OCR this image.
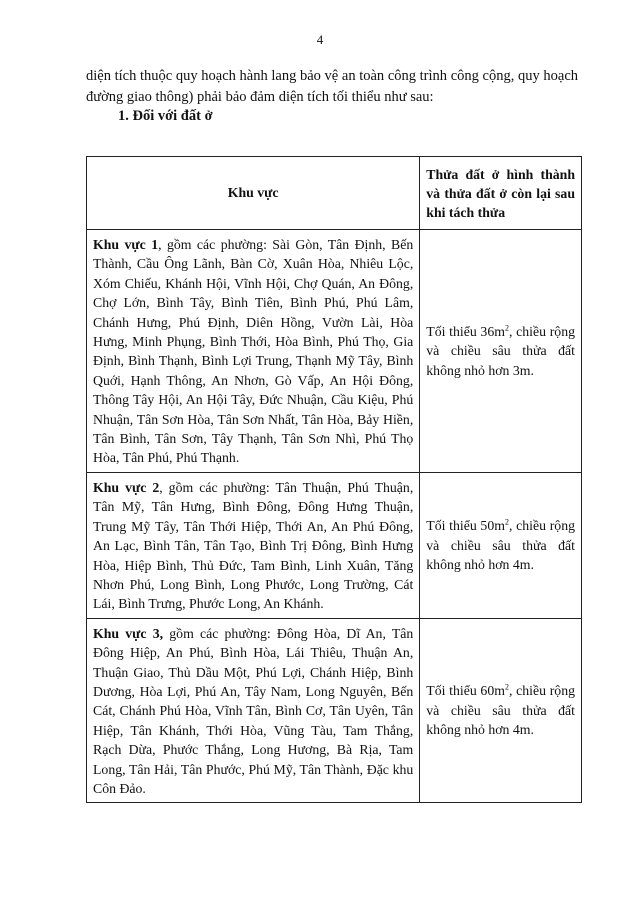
4

diện tích thuộc quy hoạch hành lang bảo vệ an toàn công trình công cộng, quy hoạch đường giao thông) phải bảo đảm diện tích tối thiểu như sau:

1. Đối với đất ở

Khu vực	Thửa đất ở hình thành và thửa đất ở còn lại sau khi tách thửa
Khu vực 1, gồm các phường: Sài Gòn, Tân Định, Bến Thành, Cầu Ông Lãnh, Bàn Cờ, Xuân Hòa, Nhiêu Lộc, Xóm Chiếu, Khánh Hội, Vĩnh Hội, Chợ Quán, An Đông, Chợ Lớn, Bình Tây, Bình Tiên, Bình Phú, Phú Lâm, Chánh Hưng, Phú Định, Diên Hồng, Vườn Lài, Hòa Hưng, Minh Phụng, Bình Thới, Hòa Bình, Phú Thọ, Gia Định, Bình Thạnh, Bình Lợi Trung, Thạnh Mỹ Tây, Bình Quới, Hạnh Thông, An Nhơn, Gò Vấp, An Hội Đông, Thông Tây Hội, An Hội Tây, Đức Nhuận, Cầu Kiệu, Phú Nhuận, Tân Sơn Hòa, Tân Sơn Nhất, Tân Hòa, Bảy Hiền, Tân Bình, Tân Sơn, Tây Thạnh, Tân Sơn Nhì, Phú Thọ Hòa, Tân Phú, Phú Thạnh.	Tối thiểu $36m^2$, chiều rộng và chiều sâu thửa đất không nhỏ hơn 3m.
Khu vực 2, gồm các phường: Tân Thuận, Phú Thuận, Tân Mỹ, Tân Hưng, Bình Đông, Đông Hưng Thuận, Trung Mỹ Tây, Tân Thới Hiệp, Thới An, An Phú Đông, An Lạc, Bình Tân, Tân Tạo, Bình Trị Đông, Bình Hưng Hòa, Hiệp Bình, Thủ Đức, Tam Bình, Linh Xuân, Tăng Nhơn Phú, Long Bình, Long Phước, Long Trường, Cát Lái, Bình Trưng, Phước Long, An Khánh.	Tối thiểu $50m^2$, chiều rộng và chiều sâu thửa đất không nhỏ hơn 4m.
Khu vực 3, gồm các phường: Đông Hòa, Dĩ An, Tân Đông Hiệp, An Phú, Bình Hòa, Lái Thiêu, Thuận An, Thuận Giao, Thủ Dầu Một, Phú Lợi, Chánh Hiệp, Bình Dương, Hòa Lợi, Phú An, Tây Nam, Long Nguyên, Bến Cát, Chánh Phú Hòa, Vĩnh Tân, Bình Cơ, Tân Uyên, Tân Hiệp, Tân Khánh, Thới Hòa, Vũng Tàu, Tam Thắng, Rạch Dừa, Phước Thắng, Long Hương, Bà Rịa, Tam Long, Tân Hải, Tân Phước, Phú Mỹ, Tân Thành, Đặc khu Côn Đảo.	Tối thiểu $60m^2$, chiều rộng và chiều sâu thửa đất không nhỏ hơn 4m.
